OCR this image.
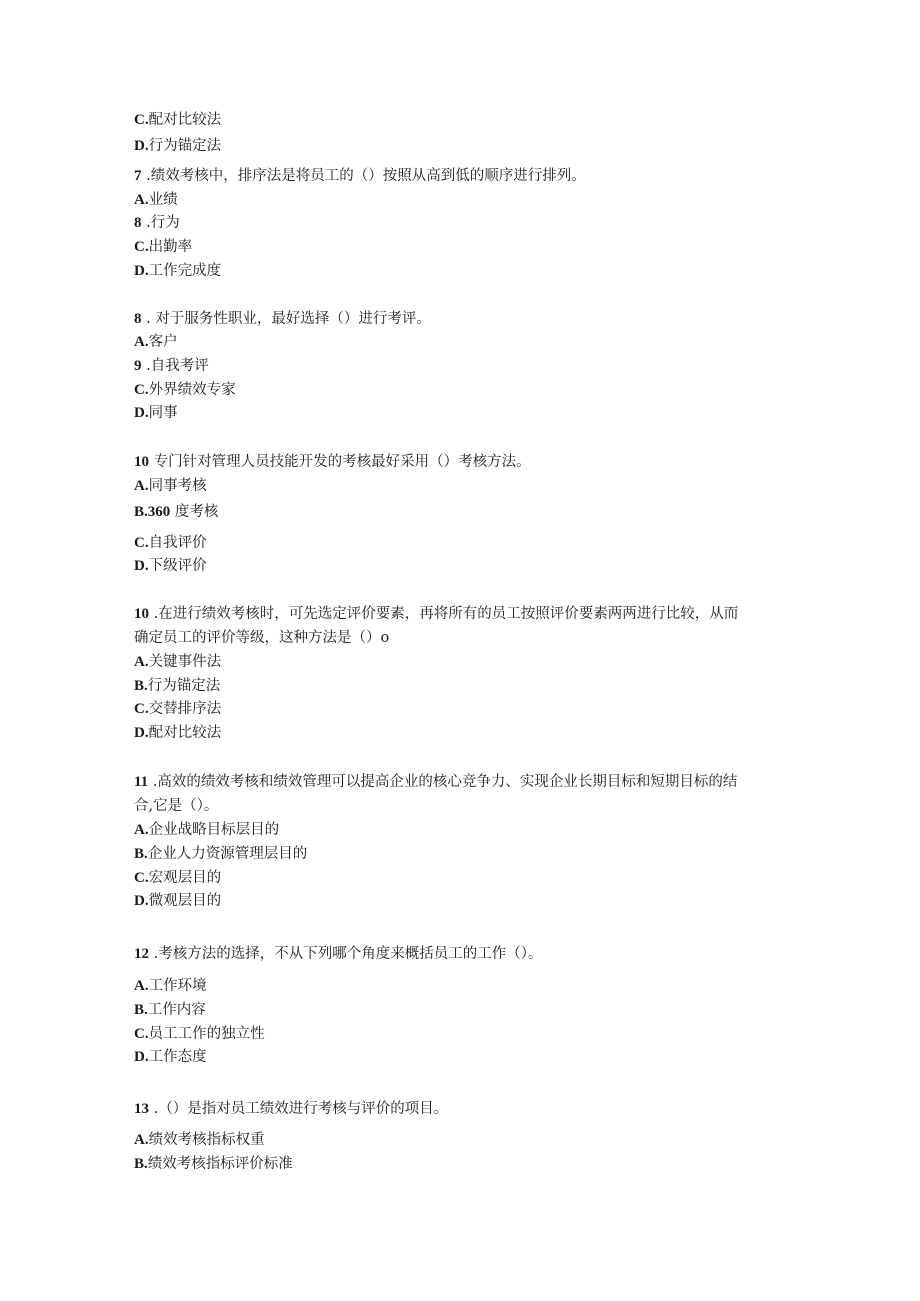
C.配对比较法
D.行为锚定法
7 .绩效考核中，排序法是将员工的（）按照从高到低的顺序进行排列。
A.业绩
8 .行为
C.出勤率
D.工作完成度
8 . 对于服务性职业，最好选择（）进行考评。
A.客户
9 .自我考评
C.外界绩效专家
D.同事
10 专门针对管理人员技能开发的考核最好采用（）考核方法。
A.同事考核
B.360 度考核
C.自我评价
D.下级评价
10 .在进行绩效考核时，可先选定评价要素，再将所有的员工按照评价要素两两进行比较，从而
确定员工的评价等级，这种方法是（）o
A.关键事件法
B.行为锚定法
C.交替排序法
D.配对比较法
11 .高效的绩效考核和绩效管理可以提高企业的核心竞争力、实现企业长期目标和短期目标的结
合,它是（）。
A.企业战略目标层目的
B.企业人力资源管理层目的
C.宏观层目的
D.微观层目的
12 .考核方法的选择，不从下列哪个角度来概括员工的工作（）。
A.工作环境
B.工作内容
C.员工工作的独立性
D.工作态度
13 .（）是指对员工绩效进行考核与评价的项目。
A.绩效考核指标权重
B.绩效考核指标评价标准
